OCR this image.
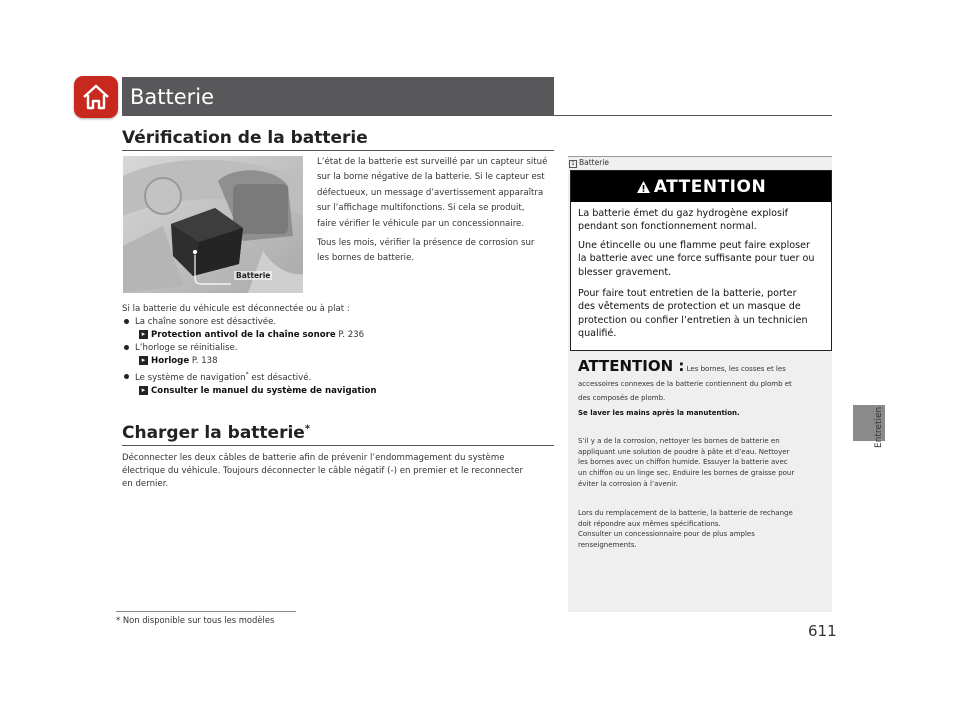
Batterie
Vérification de la batterie
Batterie
L’état de la batterie est surveillé par un capteur situé
sur la borne négative de la batterie. Si le capteur est
défectueux, un message d’avertissement apparaîtra
sur l’affichage multifonctions. Si cela se produit,
faire vérifier le véhicule par un concessionnaire.
Tous les mois, vérifier la présence de corrosion sur
les bornes de batterie.
Si la batterie du véhicule est déconnectée ou à plat :
La chaîne sonore est désactivée.
▸ Protection antivol de la chaîne sonore P. 236
L’horloge se réinitialise.
▸ Horloge P. 138
Le système de navigation* est désactivé.
▸ Consulter le manuel du système de navigation
Charger la batterie*
Déconnecter les deux câbles de batterie afin de prévenir l’endommagement du système
électrique du véhicule. Toujours déconnecter le câble négatif (-) en premier et le reconnecter
en dernier.
1 Batterie
ATTENTION
La batterie émet du gaz hydrogène explosif
pendant son fonctionnement normal.
Une étincelle ou une flamme peut faire exploser
la batterie avec une force suffisante pour tuer ou
blesser gravement.
Pour faire tout entretien de la batterie, porter
des vêtements de protection et un masque de
protection ou confier l’entretien à un technicien
qualifié.
ATTENTION : Les bornes, les cosses et les
accessoires connexes de la batterie contiennent du plomb et
des composés de plomb.
Se laver les mains après la manutention.
S’il y a de la corrosion, nettoyer les bornes de batterie en
appliquant une solution de poudre à pâte et d’eau. Nettoyer
les bornes avec un chiffon humide. Essuyer la batterie avec
un chiffon ou un linge sec. Enduire les bornes de graisse pour
éviter la corrosion à l’avenir.
Lors du remplacement de la batterie, la batterie de rechange
doit répondre aux mêmes spécifications.
Consulter un concessionnaire pour de plus amples
renseignements.
Entretien
* Non disponible sur tous les modèles
611
